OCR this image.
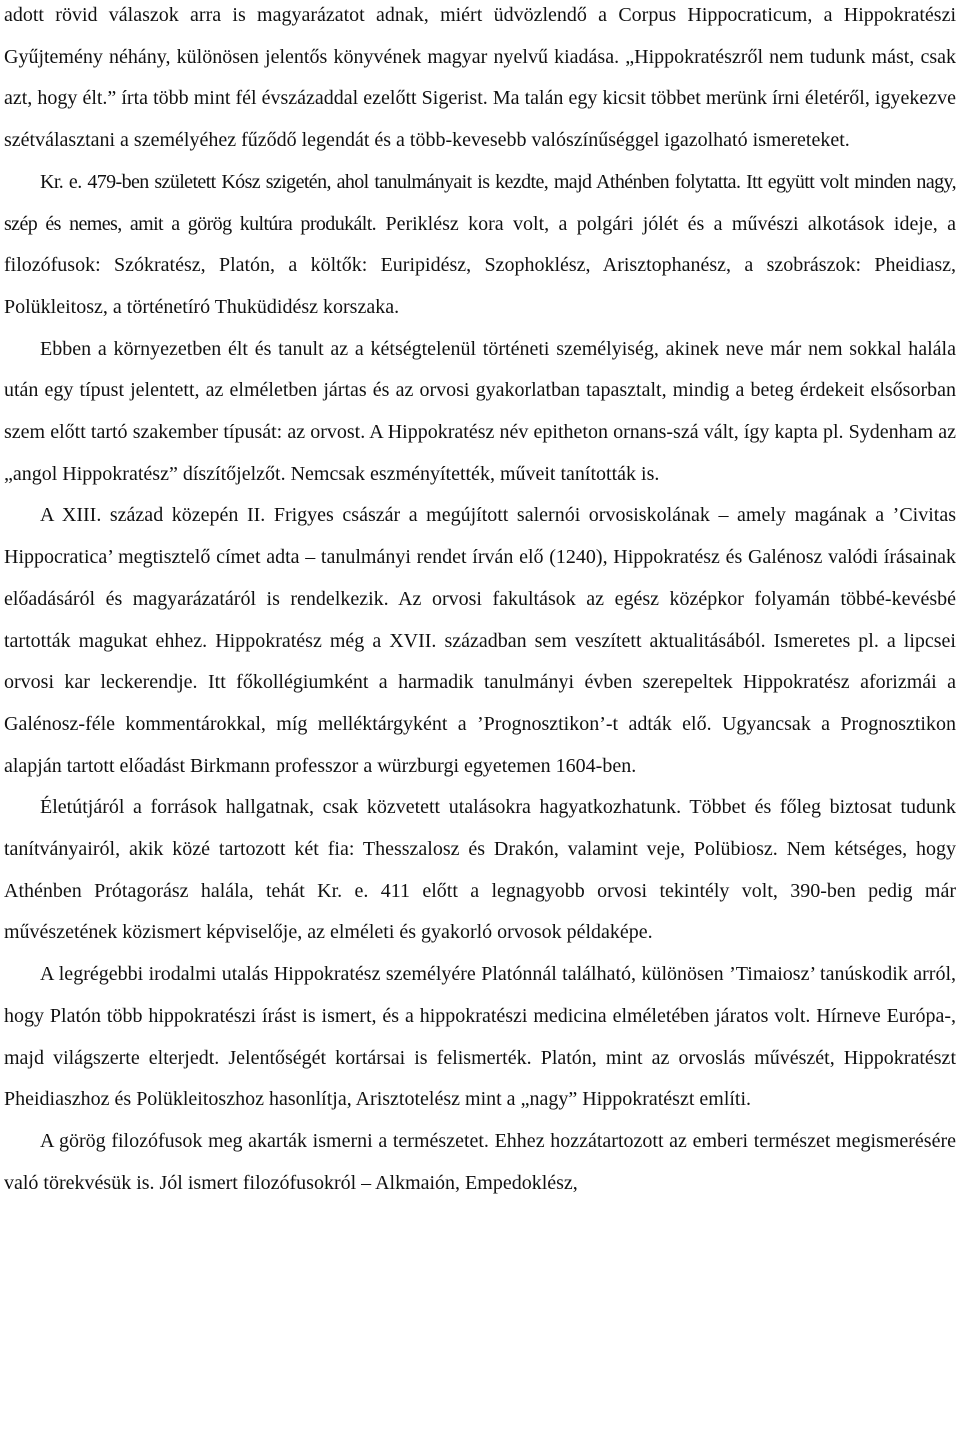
adott rövid válaszok arra is magyarázatot adnak, miért üdvözlendő a Corpus Hippocraticum, a Hippokratészi Gyűjtemény néhány, különösen jelentős könyvének magyar nyelvű kiadása. „Hippokratészről nem tudunk mást, csak azt, hogy élt.” írta több mint fél évszázaddal ezelőtt Sigerist. Ma talán egy kicsit többet merünk írni életéről, igyekezve szétválasztani a személyéhez fűződő legendát és a több-kevesebb valószínűséggel igazolható ismereteket.

Kr. e. 479-ben született Kósz szigetén, ahol tanulmányait is kezdte, majd Athénben folytatta. Itt együtt volt minden nagy, szép és nemes, amit a görög kultúra produkált. Periklész kora volt, a polgári jólét és a művészi alkotások ideje, a filozófusok: Szókratész, Platón, a költők: Euripidész, Szophoklész, Arisztophanész, a szobrászok: Pheidiasz, Polükleitosz, a történetíró Thuküdidész korszaka.

Ebben a környezetben élt és tanult az a kétségtelenül történeti személyiség, akinek neve már nem sokkal halála után egy típust jelentett, az elméletben jártas és az orvosi gyakorlatban tapasztalt, mindig a beteg érdekeit elsősorban szem előtt tartó szakember típusát: az orvost. A Hippokratész név epitheton ornans-szá vált, így kapta pl. Sydenham az „angol Hippokratész” díszítőjelzőt. Nemcsak eszményítették, műveit tanították is.

A XIII. század közepén II. Frigyes császár a megújított salernói orvosiskolának – amely magának a ’Civitas Hippocratica’ megtisztelő címet adta – tanulmányi rendet írván elő (1240), Hippokratész és Galénosz valódi írásainak előadásáról és magyarázatáról is rendelkezik. Az orvosi fakultások az egész középkor folyamán többé-kevésbé tartották magukat ehhez. Hippokratész még a XVII. században sem veszített aktualitásából. Ismeretes pl. a lipcsei orvosi kar leckerendje. Itt főkollégiumként a harmadik tanulmányi évben szerepeltek Hippokratész aforizmái a Galénosz-féle kommentárokkal, míg melléktárgyként a ’Prognosztikon’-t adták elő. Ugyancsak a Prognosztikon alapján tartott előadást Birkmann professzor a würzburgi egyetemen 1604-ben.

Életútjáról a források hallgatnak, csak közvetett utalásokra hagyatkozhatunk. Többet és főleg biztosat tudunk tanítványairól, akik közé tartozott két fia: Thesszalosz és Drakón, valamint veje, Polübiosz. Nem kétséges, hogy Athénben Prótagorász halála, tehát Kr. e. 411 előtt a legnagyobb orvosi tekintély volt, 390-ben pedig már művészetének közismert képviselője, az elméleti és gyakorló orvosok példaképe.

A legrégebbi irodalmi utalás Hippokratész személyére Platónnál található, különösen ’Timaiosz’ tanúskodik arról, hogy Platón több hippokratészi írást is ismert, és a hippokratészi medicina elméletében járatos volt. Hírneve Európa-, majd világszerte elterjedt. Jelentőségét kortársai is felismerték. Platón, mint az orvoslás művészét, Hippokratészt Pheidiaszhoz és Polükleitoszhoz hasonlítja, Arisztotelész mint a „nagy” Hippokratészt említi.

A görög filozófusok meg akarták ismerni a természetet. Ehhez hozzátartozott az emberi természet megismerésére való törekvésük is. Jól ismert filozófusokról – Alkmaión, Empedoklész,
